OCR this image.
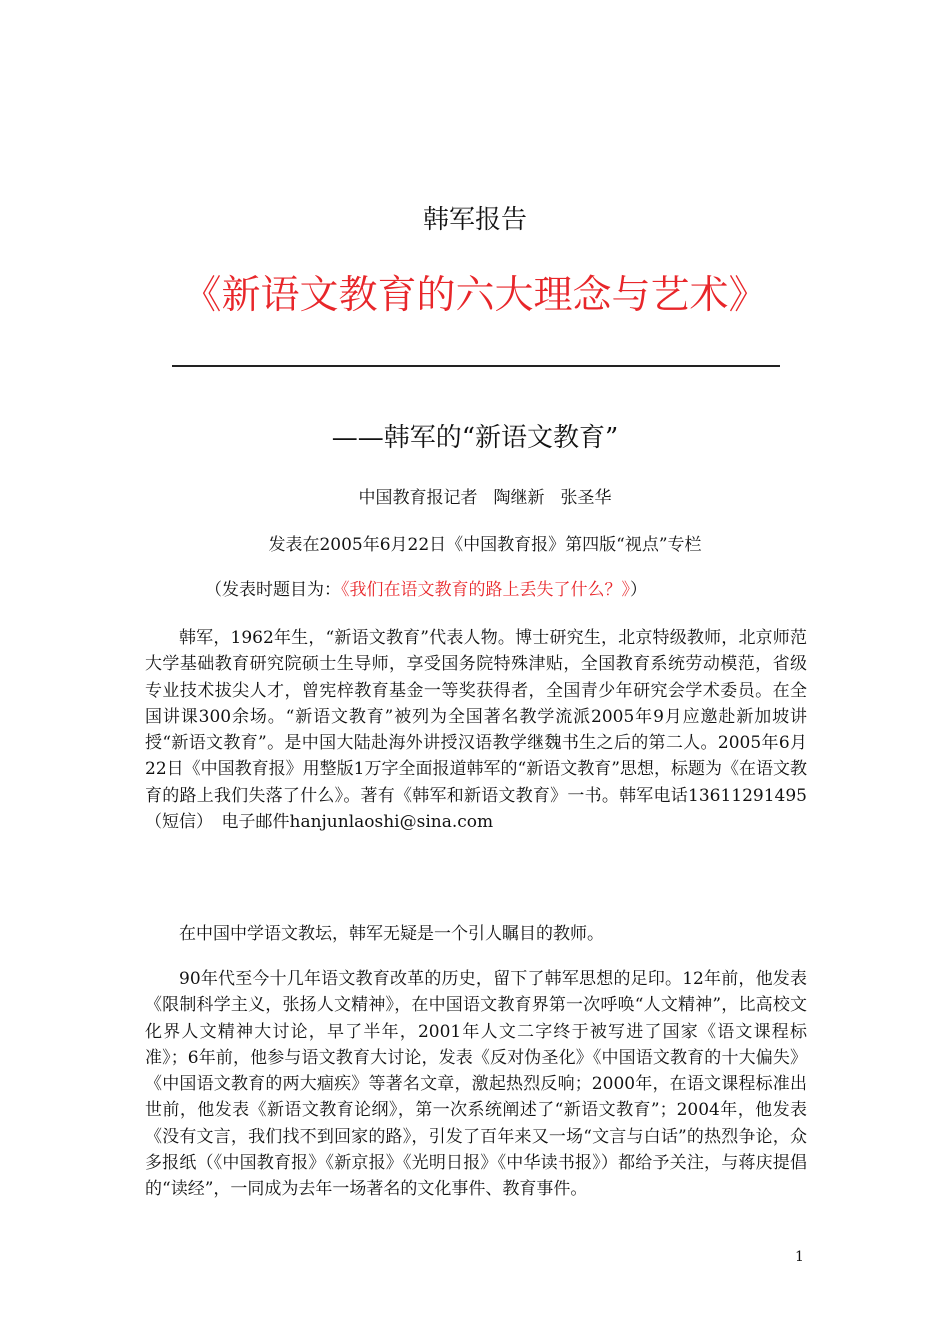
韩军报告
《新语文教育的六大理念与艺术》
——韩军的“新语文教育”
中国教育报记者 陶继新 张圣华
发表在2005年6月22日《中国教育报》第四版“视点”专栏
（发表时题目为：《我们在语文教育的路上丢失了什么？》）

韩军，1962年生，“新语文教育”代表人物。博士研究生，北京特级教师，北京师范大学基础教育研究院硕士生导师，享受国务院特殊津贴，全国教育系统劳动模范，省级专业技术拔尖人才，曾宪梓教育基金一等奖获得者，全国青少年研究会学术委员。在全国讲课300余场。“新语文教育”被列为全国著名教学流派2005年9月应邀赴新加坡讲授“新语文教育”。是中国大陆赴海外讲授汉语教学继魏书生之后的第二人。2005年6月22日《中国教育报》用整版1万字全面报道韩军的“新语文教育”思想，标题为《在语文教育的路上我们失落了什么》。著有《韩军和新语文教育》一书。韩军电话13611291495（短信）　电子邮件hanjunlaoshi@sina.com

在中国中学语文教坛，韩军无疑是一个引人瞩目的教师。

90年代至今十几年语文教育改革的历史，留下了韩军思想的足印。12年前，他发表《限制科学主义，张扬人文精神》，在中国语文教育界第一次呼唤“人文精神”，比高校文化界人文精神大讨论，早了半年，2001年人文二字终于被写进了国家《语文课程标准》；6年前，他参与语文教育大讨论，发表《反对伪圣化》《中国语文教育的十大偏失》《中国语文教育的两大痼疾》等著名文章，激起热烈反响；2000年，在语文课程标准出世前，他发表《新语文教育论纲》，第一次系统阐述了“新语文教育”；2004年，他发表《没有文言，我们找不到回家的路》，引发了百年来又一场“文言与白话”的热烈争论，众多报纸（《中国教育报》《新京报》《光明日报》《中华读书报》）都给予关注，与蒋庆提倡的“读经”，一同成为去年一场著名的文化事件、教育事件。

1
